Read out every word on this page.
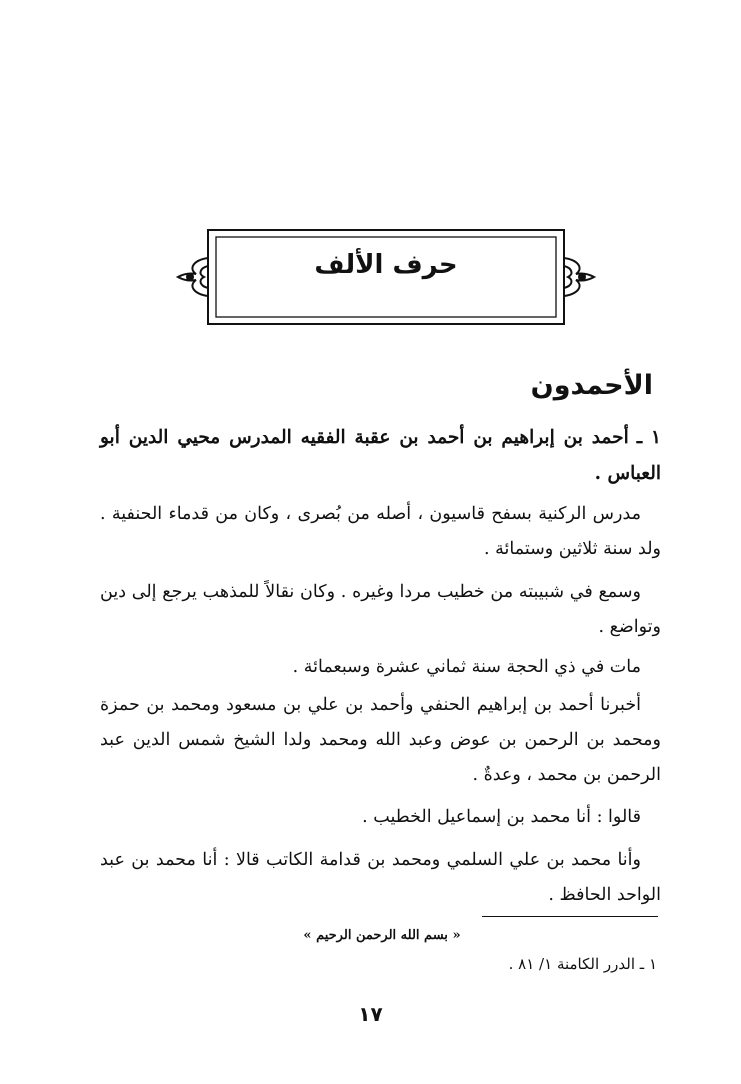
حرف الألف
الأحمدون
١ ـ أحمد بن إبراهيم بن أحمد بن عقبة الفقيه المدرس محيي الدين أبو العباس .
مدرس الركنية بسفح قاسيون ، أصله من بُصرى ، وكان من قدماء الحنفية . ولد سنة ثلاثين وستمائة .
وسمع في شبيبته من خطيب مردا وغيره . وكان نقالاً للمذهب يرجع إلى دين وتواضع .
مات في ذي الحجة سنة ثماني عشرة وسبعمائة .
أخبرنا أحمد بن إبراهيم الحنفي وأحمد بن علي بن مسعود ومحمد بن حمزة ومحمد بن الرحمن بن عوض وعبد الله ومحمد ولدا الشيخ شمس الدين عبد الرحمن بن محمد ، وعدةٌ .
قالوا : أنا محمد بن إسماعيل الخطيب .
وأنا محمد بن علي السلمي ومحمد بن قدامة الكاتب قالا : أنا محمد بن عبد الواحد الحافظ .
« بسم الله الرحمن الرحيم »
١ ـ الدرر الكامنة ١/ ٨١ .
١٧
